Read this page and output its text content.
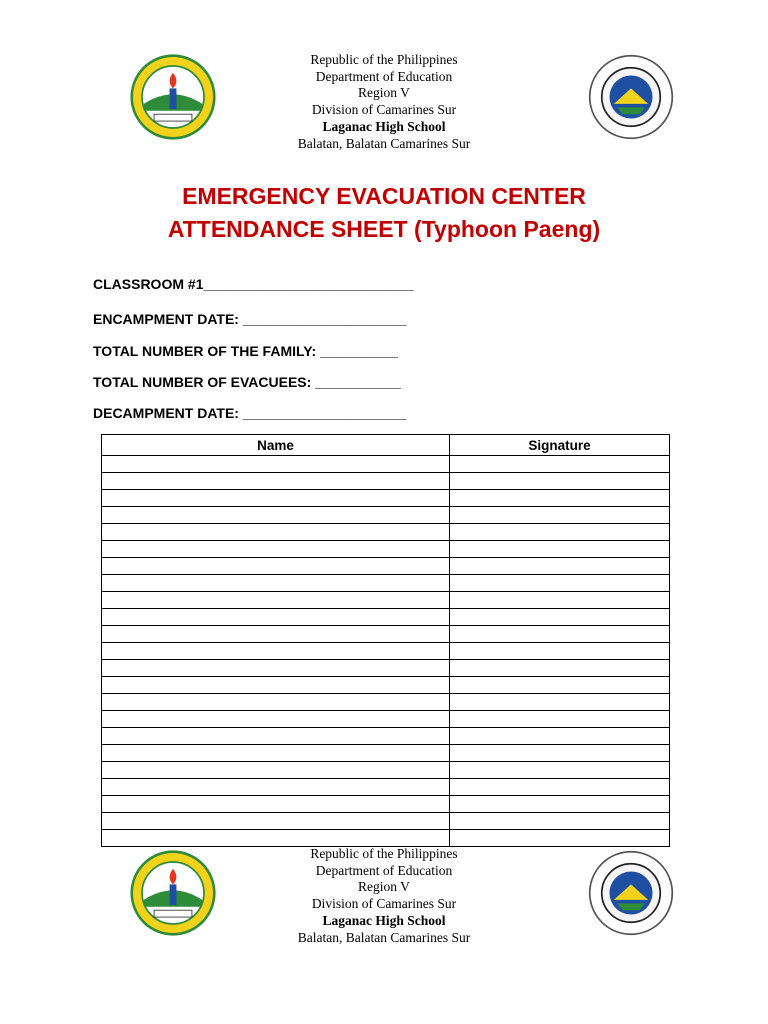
Republic of the Philippines
Department of Education
Region V
Division of Camarines Sur
Laganac High School
Balatan, Balatan Camarines Sur
EMERGENCY EVACUATION CENTER
ATTENDANCE SHEET (Typhoon Paeng)
CLASSROOM #1___________________________
ENCAMPMENT DATE: _____________________
TOTAL NUMBER OF THE FAMILY: __________
TOTAL NUMBER OF EVACUEES: ___________
DECAMPMENT DATE: _____________________
Name	Signature

Republic of the Philippines
Department of Education
Region V
Division of Camarines Sur
Laganac High School
Balatan, Balatan Camarines Sur
